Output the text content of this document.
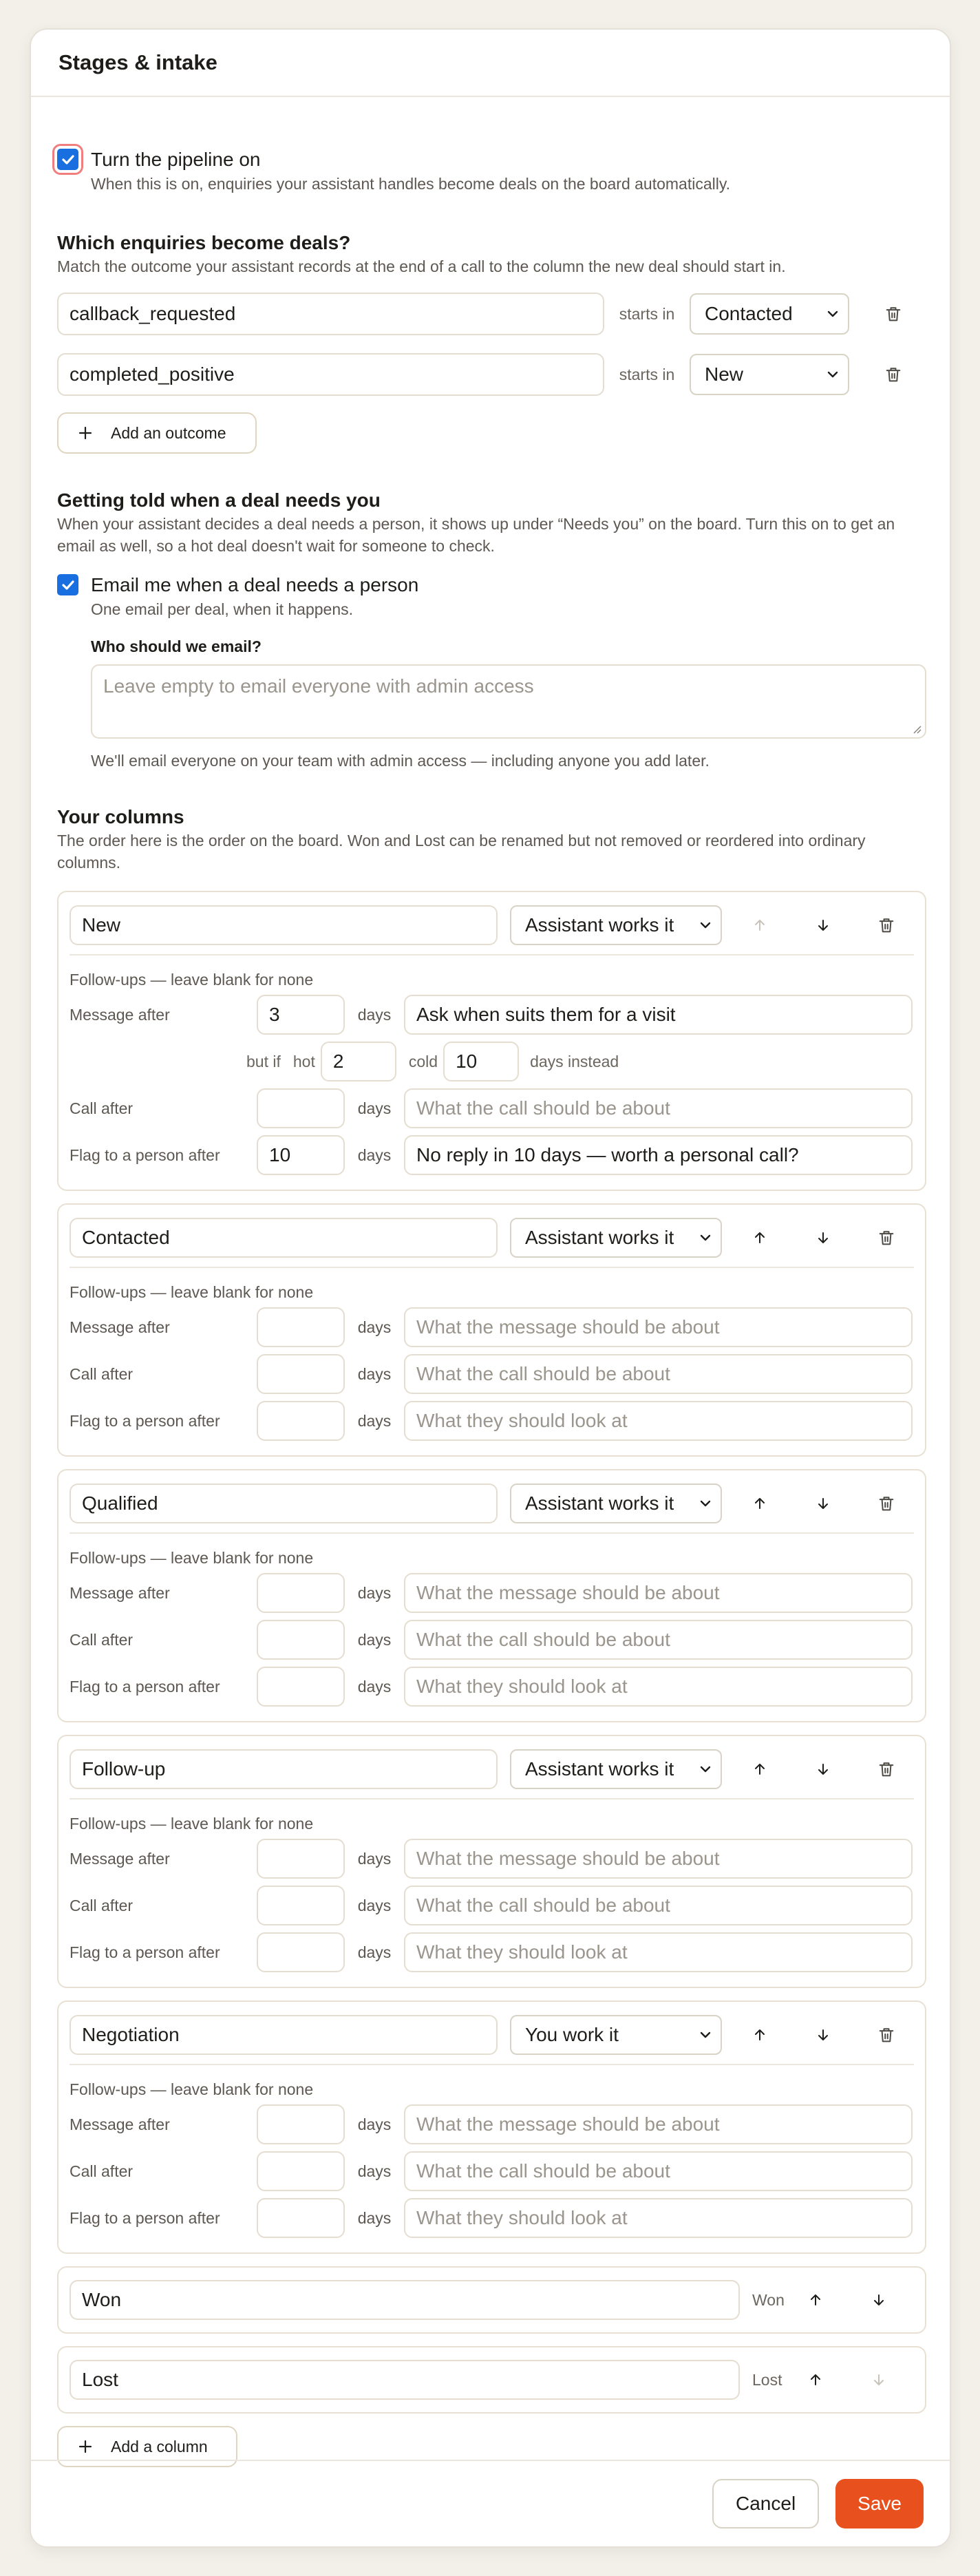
Stages & intake
Turn the pipeline on
When this is on, enquiries your assistant handles become deals on the board automatically.
Which enquiries become deals?
Match the outcome your assistant records at the end of a call to the column the new deal should start in.
callback_requested	starts in	Contacted
completed_positive	starts in	New
Add an outcome
Getting told when a deal needs you
When your assistant decides a deal needs a person, it shows up under “Needs you” on the board. Turn this on to get an email as well, so a hot deal doesn't wait for someone to check.
Email me when a deal needs a person
One email per deal, when it happens.
Who should we email?
Leave empty to email everyone with admin access
We'll email everyone on your team with admin access — including anyone you add later.
Your columns
The order here is the order on the board. Won and Lost can be renamed but not removed or reordered into ordinary columns.
New	Assistant works it
Follow-ups — leave blank for none
Message after	3	days	Ask when suits them for a visit
but if hot 2	cold 10	days instead
Call after	days	What the call should be about
Flag to a person after	10	days	No reply in 10 days — worth a personal call?
Contacted	Assistant works it
Follow-ups — leave blank for none
Message after	days	What the message should be about
Call after	days	What the call should be about
Flag to a person after	days	What they should look at
Qualified	Assistant works it
Follow-ups — leave blank for none
Message after	days	What the message should be about
Call after	days	What the call should be about
Flag to a person after	days	What they should look at
Follow-up	Assistant works it
Follow-ups — leave blank for none
Message after	days	What the message should be about
Call after	days	What the call should be about
Flag to a person after	days	What they should look at
Negotiation	You work it
Follow-ups — leave blank for none
Message after	days	What the message should be about
Call after	days	What the call should be about
Flag to a person after	days	What they should look at
Won	Won
Lost	Lost
Add a column
Cancel	Save
